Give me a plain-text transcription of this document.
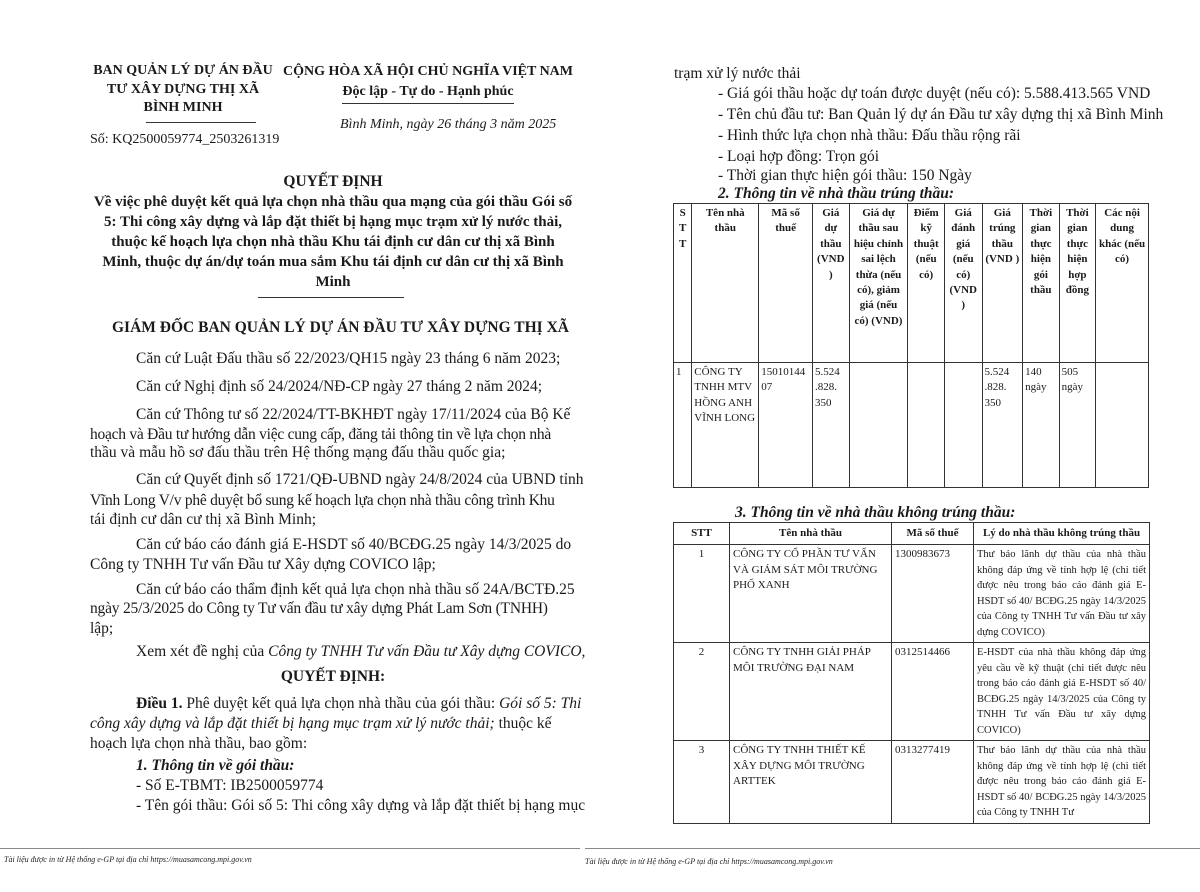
BAN QUẢN LÝ DỰ ÁN ĐẦU
TƯ XÂY DỰNG THỊ XÃ
BÌNH MINH
Số: KQ2500059774_2503261319
CỘNG HÒA XÃ HỘI CHỦ NGHĨA VIỆT NAM
Độc lập - Tự do - Hạnh phúc
Bình Minh, ngày 26 tháng 3 năm 2025
QUYẾT ĐỊNH
Về việc phê duyệt kết quả lựa chọn nhà thầu qua mạng của gói thầu Gói số
5: Thi công xây dựng và lắp đặt thiết bị hạng mục trạm xử lý nước thải,
thuộc kế hoạch lựa chọn nhà thầu Khu tái định cư dân cư thị xã Bình
Minh, thuộc dự án/dự toán mua sắm Khu tái định cư dân cư thị xã Bình
Minh
GIÁM ĐỐC BAN QUẢN LÝ DỰ ÁN ĐẦU TƯ XÂY DỰNG THỊ XÃ
Căn cứ Luật Đấu thầu số 22/2023/QH15 ngày 23 tháng 6 năm 2023;
Căn cứ Nghị định số 24/2024/NĐ-CP ngày 27 tháng 2 năm 2024;
Căn cứ Thông tư số 22/2024/TT-BKHĐT ngày 17/11/2024 của Bộ Kế
hoạch và Đầu tư hướng dẫn việc cung cấp, đăng tải thông tin về lựa chọn nhà
thầu và mẫu hồ sơ đấu thầu trên Hệ thống mạng đấu thầu quốc gia;
Căn cứ Quyết định số 1721/QĐ-UBND ngày 24/8/2024 của UBND tỉnh
Vĩnh Long V/v phê duyệt bổ sung kế hoạch lựa chọn nhà thầu công trình Khu
tái định cư dân cư thị xã Bình Minh;
Căn cứ báo cáo đánh giá E-HSDT số 40/BCĐG.25 ngày 14/3/2025 do
Công ty TNHH Tư vấn Đầu tư Xây dựng COVICO lập;
Căn cứ báo cáo thẩm định kết quả lựa chọn nhà thầu số 24A/BCTĐ.25
ngày 25/3/2025 do Công ty Tư vấn đầu tư xây dựng Phát Lam Sơn (TNHH)
lập;
Xem xét đề nghị của Công ty TNHH Tư vấn Đầu tư Xây dựng COVICO,
QUYẾT ĐỊNH:
Điều 1. Phê duyệt kết quả lựa chọn nhà thầu của gói thầu: Gói số 5: Thi
công xây dựng và lắp đặt thiết bị hạng mục trạm xử lý nước thải; thuộc kế
hoạch lựa chọn nhà thầu, bao gồm:
1. Thông tin về gói thầu:
- Số E-TBMT: IB2500059774
- Tên gói thầu: Gói số 5: Thi công xây dựng và lắp đặt thiết bị hạng mục
Tài liệu được in từ Hệ thống e-GP tại địa chỉ https://muasamcong.mpi.gov.vn
trạm xử lý nước thải
- Giá gói thầu hoặc dự toán được duyệt (nếu có): 5.588.413.565 VND
- Tên chủ đầu tư: Ban Quản lý dự án Đầu tư xây dựng thị xã Bình Minh
- Hình thức lựa chọn nhà thầu: Đấu thầu rộng rãi
- Loại hợp đồng: Trọn gói
- Thời gian thực hiện gói thầu: 150 Ngày
2. Thông tin về nhà thầu trúng thầu:
S T T	Tên nhà thầu	Mã số thuế	Giá dự thầu (VND )	Giá dự thầu sau hiệu chỉnh sai lệch thừa (nếu có), giảm giá (nếu có) (VND)	Điểm kỹ thuật (nếu có)	Giá đánh giá (nếu có) (VND )	Giá trúng thầu (VND )	Thời gian thực hiện gói thầu	Thời gian thực hiện hợp đồng	Các nội dung khác (nếu có)
1	CÔNG TY TNHH MTV HỒNG ANH VĨNH LONG	1501014407	5.524 .828. 350				5.524 .828. 350	140 ngày	505 ngày	
3. Thông tin về nhà thầu không trúng thầu:
STT	Tên nhà thầu	Mã số thuế	Lý do nhà thầu không trúng thầu
1	CÔNG TY CỔ PHẦN TƯ VẤN VÀ GIÁM SÁT MÔI TRƯỜNG PHỐ XANH	1300983673	Thư bảo lãnh dự thầu của nhà thầu không đáp ứng về tính hợp lệ (chi tiết được nêu trong báo cáo đánh giá E-HSDT số 40/ BCĐG.25 ngày 14/3/2025 của Công ty TNHH Tư vấn Đầu tư xây dựng COVICO)
2	CÔNG TY TNHH GIẢI PHÁP MÔI TRƯỜNG ĐẠI NAM	0312514466	E-HSDT của nhà thầu không đáp ứng yêu cầu về kỹ thuật (chi tiết được nêu trong báo cáo đánh giá E-HSDT số 40/ BCĐG.25 ngày 14/3/2025 của Công ty TNHH Tư vấn Đầu tư xây dựng COVICO)
3	CÔNG TY TNHH THIẾT KẾ XÂY DỰNG MÔI TRƯỜNG ARTTEK	0313277419	Thư bảo lãnh dự thầu của nhà thầu không đáp ứng về tính hợp lệ (chi tiết được nêu trong báo cáo đánh giá E-HSDT số 40/ BCĐG.25 ngày 14/3/2025 của Công ty TNHH Tư
Tài liệu được in từ Hệ thống e-GP tại địa chỉ https://muasamcong.mpi.gov.vn
